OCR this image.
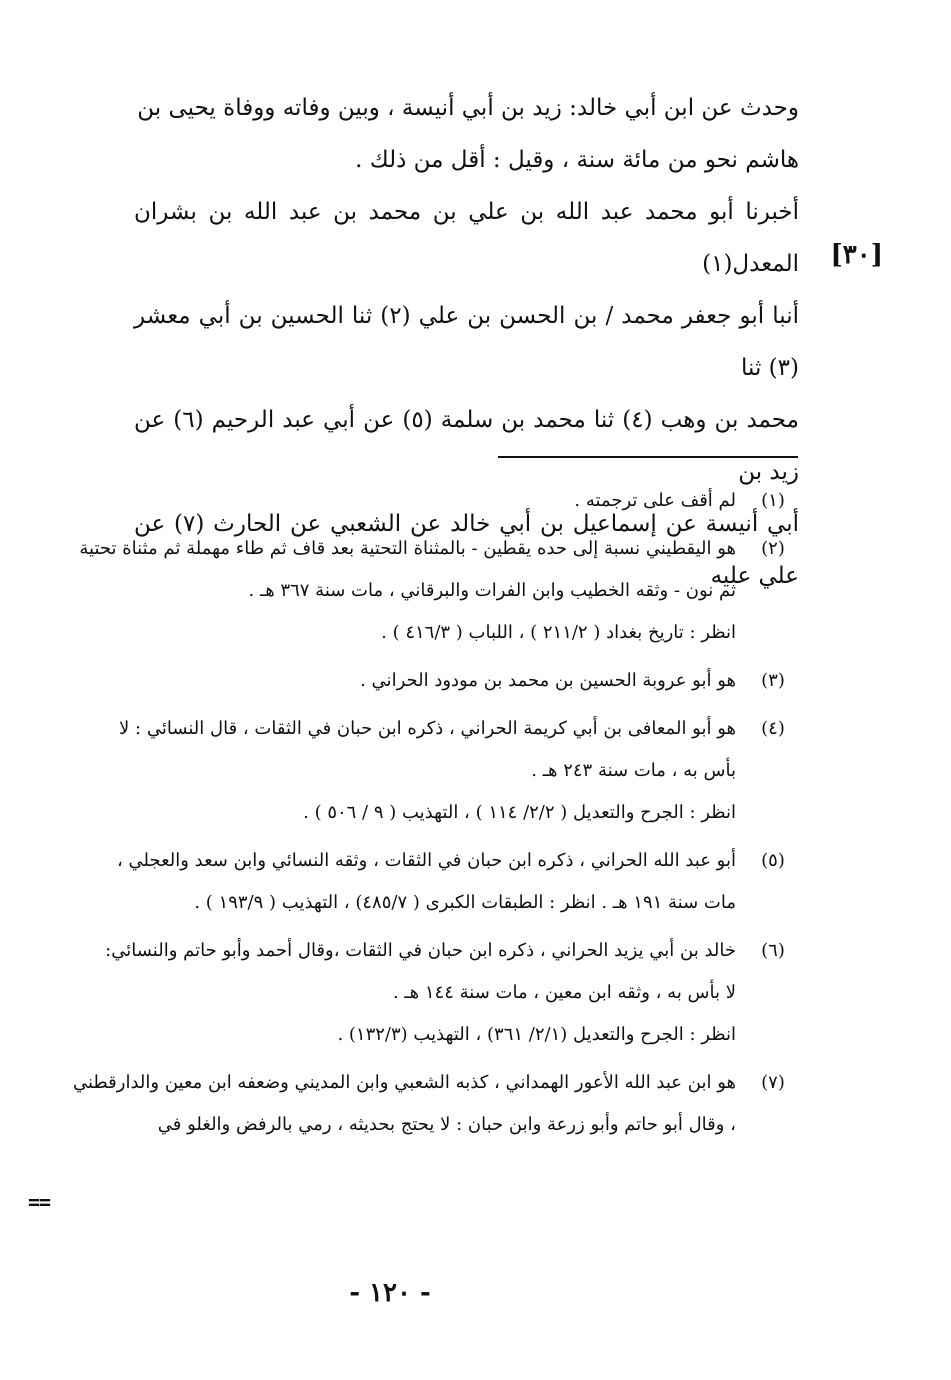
وحدث عن ابن أبي خالد: زيد بن أبي أنيسة ، وبين وفاته ووفاة يحيى بن

هاشم نحو من مائة سنة ، وقيل : أقل من ذلك .

أخبرنا أبو محمد عبد الله بن علي بن محمد بن عبد الله بن بشران المعدل(١)

أنبا أبو جعفر محمد / بن الحسن بن علي (٢) ثنا الحسين بن أبي معشر (٣) ثنا

محمد بن وهب (٤) ثنا محمد بن سلمة (٥) عن أبي عبد الرحيم (٦) عن زيد بن

أبي أنيسة عن إسماعيل بن أبي خالد عن الشعبي عن الحارث (٧) عن علي عليه

[٣٠]
(١)

لم أقف على ترجمته .

(٢)

هو اليقطيني نسبة إلى حده يقطين - بالمثناة التحتية بعد قاف ثم طاء مهملة ثم مثناة تحتية

ثم نون - وثقه الخطيب وابن الفرات والبرقاني ، مات سنة ٣٦٧ هـ .

انظر : تاريخ بغداد ( ٢١١/٢ ) ، اللباب ( ٤١٦/٣ ) .

(٣)

هو أبو عروبة الحسين بن محمد بن مودود الحراني .

(٤)

هو أبو المعافى بن أبي كريمة الحراني ، ذكره ابن حبان في الثقات ، قال النسائي : لا

بأس به ، مات سنة ٢٤٣ هـ .

انظر : الجرح والتعديل ( ٢/٢/ ١١٤ ) ، التهذيب ( ٩ / ٥٠٦ ) .

(٥)

أبو عبد الله الحراني ، ذكره ابن حبان في الثقات ، وثقه النسائي وابن سعد والعجلي ،

مات سنة ١٩١ هـ . انظر : الطبقات الكبرى ( ٤٨٥/٧) ، التهذيب ( ١٩٣/٩ ) .

(٦)

خالد بن أبي يزيد الحراني ، ذكره ابن حبان في الثقات ،وقال أحمد وأبو حاتم والنسائي:

لا بأس به ، وثقه ابن معين ، مات سنة ١٤٤ هـ .

انظر : الجرح والتعديل (٢/١/ ٣٦١) ، التهذيب (١٣٢/٣) .

(٧)

هو ابن عبد الله الأعور الهمداني ، كذبه الشعبي وابن المديني وضعفه ابن معين والدارقطني

، وقال أبو حاتم وأبو زرعة وابن حبان : لا يحتج بحديثه ، رمي بالرفض والغلو في

==
- ١٢٠ -
